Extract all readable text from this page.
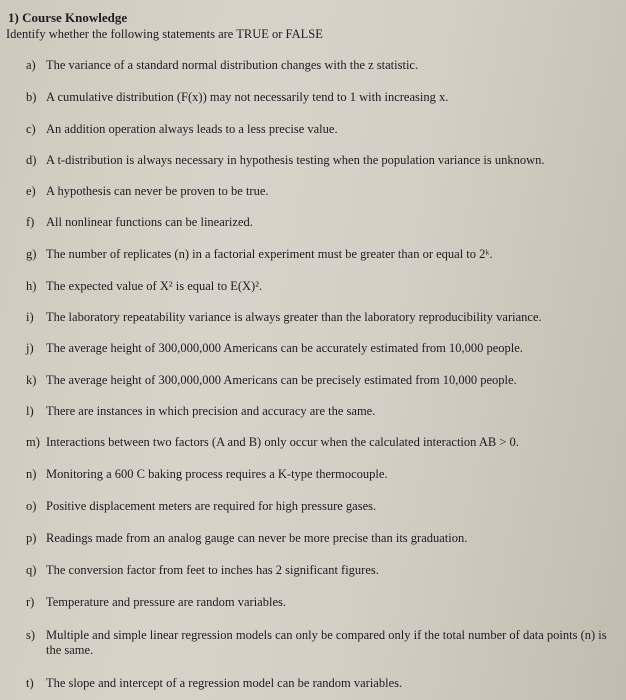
1) Course Knowledge
Identify whether the following statements are TRUE or FALSE
a) The variance of a standard normal distribution changes with the z statistic.
b) A cumulative distribution (F(x)) may not necessarily tend to 1 with increasing x.
c) An addition operation always leads to a less precise value.
d) A t-distribution is always necessary in hypothesis testing when the population variance is unknown.
e) A hypothesis can never be proven to be true.
f) All nonlinear functions can be linearized.
g) The number of replicates (n) in a factorial experiment must be greater than or equal to 2ᵏ.
h) The expected value of X² is equal to E(X)².
i) The laboratory repeatability variance is always greater than the laboratory reproducibility variance.
j) The average height of 300,000,000 Americans can be accurately estimated from 10,000 people.
k) The average height of 300,000,000 Americans can be precisely estimated from 10,000 people.
l) There are instances in which precision and accuracy are the same.
m) Interactions between two factors (A and B) only occur when the calculated interaction AB > 0.
n) Monitoring a 600 C baking process requires a K-type thermocouple.
o) Positive displacement meters are required for high pressure gases.
p) Readings made from an analog gauge can never be more precise than its graduation.
q) The conversion factor from feet to inches has 2 significant figures.
r) Temperature and pressure are random variables.
s) Multiple and simple linear regression models can only be compared only if the total number of data points (n) is the same.
t) The slope and intercept of a regression model can be random variables.
